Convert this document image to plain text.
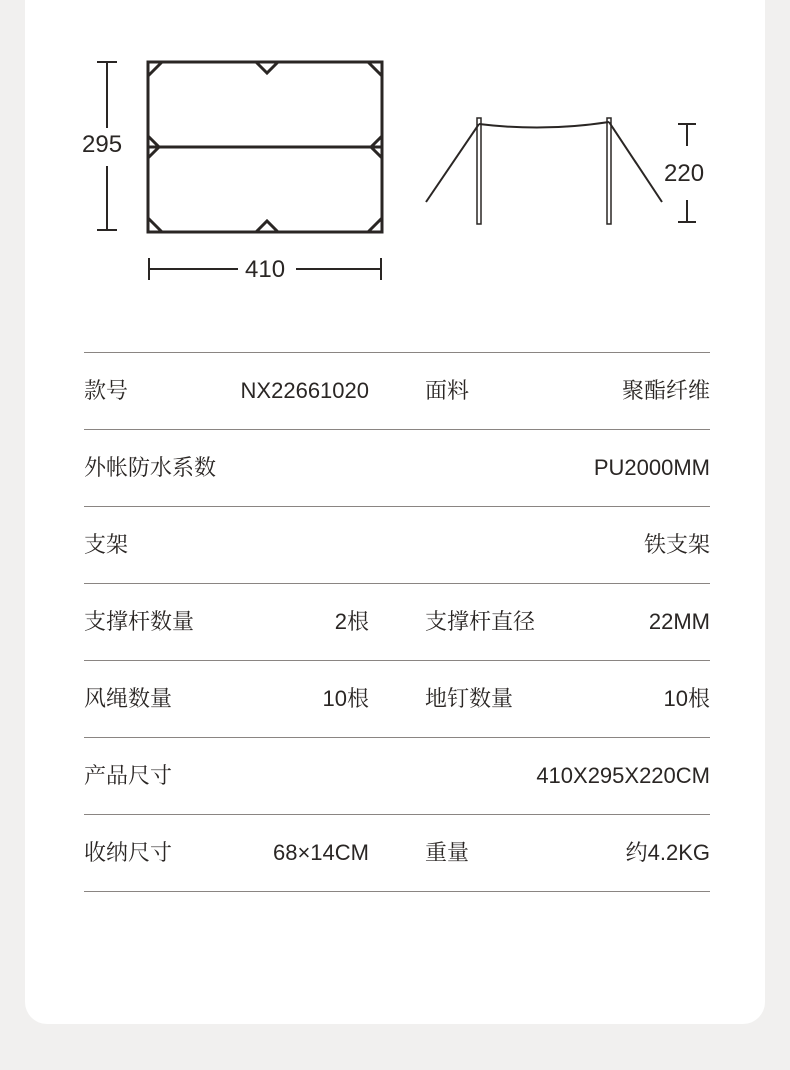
295
410
220
款号	NX22661020	面料	聚酯纤维
外帐防水系数	PU2000MM
支架	铁支架
支撑杆数量	2根	支撑杆直径	22MM
风绳数量	10根	地钉数量	10根
产品尺寸	410X295X220CM
收纳尺寸	68×14CM	重量	约4.2KG
